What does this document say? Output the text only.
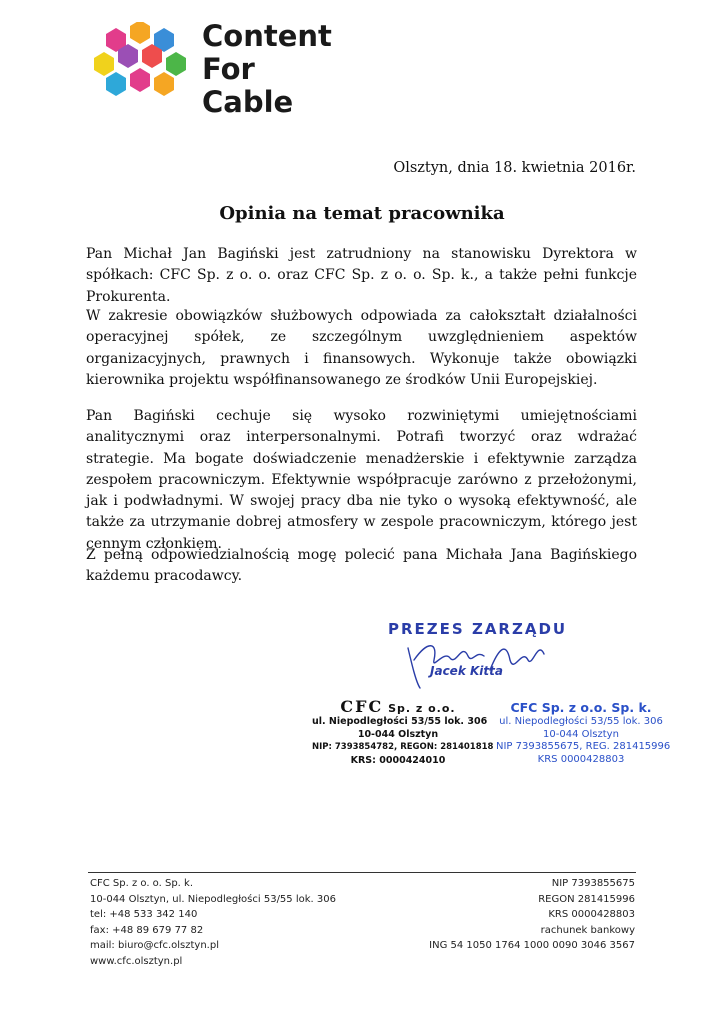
Content
For
Cable
Olsztyn, dnia 18. kwietnia 2016r.
Opinia na temat pracownika
Pan Michał Jan Bagiński jest zatrudniony na stanowisku Dyrektora w spółkach: CFC Sp. z o. o. oraz CFC Sp. z o. o. Sp. k., a także pełni funkcje Prokurenta.
W zakresie obowiązków służbowych odpowiada za całokształt działalności operacyjnej spółek, ze szczególnym uwzględnieniem aspektów organizacyjnych, prawnych i finansowych. Wykonuje także obowiązki kierownika projektu współfinansowanego ze środków Unii Europejskiej.
Pan Bagiński cechuje się wysoko rozwiniętymi umiejętnościami analitycznymi oraz interpersonalnymi. Potrafi tworzyć oraz wdrażać strategie. Ma bogate doświadczenie menadżerskie i efektywnie zarządza zespołem pracowniczym. Efektywnie współpracuje zarówno z przełożonymi, jak i podwładnymi. W swojej pracy dba nie tyko o wysoką efektywność, ale także za utrzymanie dobrej atmosfery w zespole pracowniczym, którego jest cennym członkiem.
Z pełną odpowiedzialnością mogę polecić pana Michała Jana Bagińskiego każdemu pracodawcy.
PREZES ZARZĄDU
Jacek Kitta
CFC Sp. z o.o.
ul. Niepodległości 53/55 lok. 306
10-044 Olsztyn
NIP: 7393854782, REGON: 281401818
KRS: 0000424010
CFC Sp. z o.o. Sp. k.
ul. Niepodległości 53/55 lok. 306
10-044 Olsztyn
NIP 7393855675, REG. 281415996
KRS 0000428803
CFC Sp. z o. o. Sp. k.
10-044 Olsztyn, ul. Niepodległości 53/55 lok. 306
tel: +48 533 342 140
fax: +48 89 679 77 82
mail: biuro@cfc.olsztyn.pl
www.cfc.olsztyn.pl
NIP 7393855675
REGON 281415996
KRS 0000428803
rachunek bankowy
ING 54 1050 1764 1000 0090 3046 3567
